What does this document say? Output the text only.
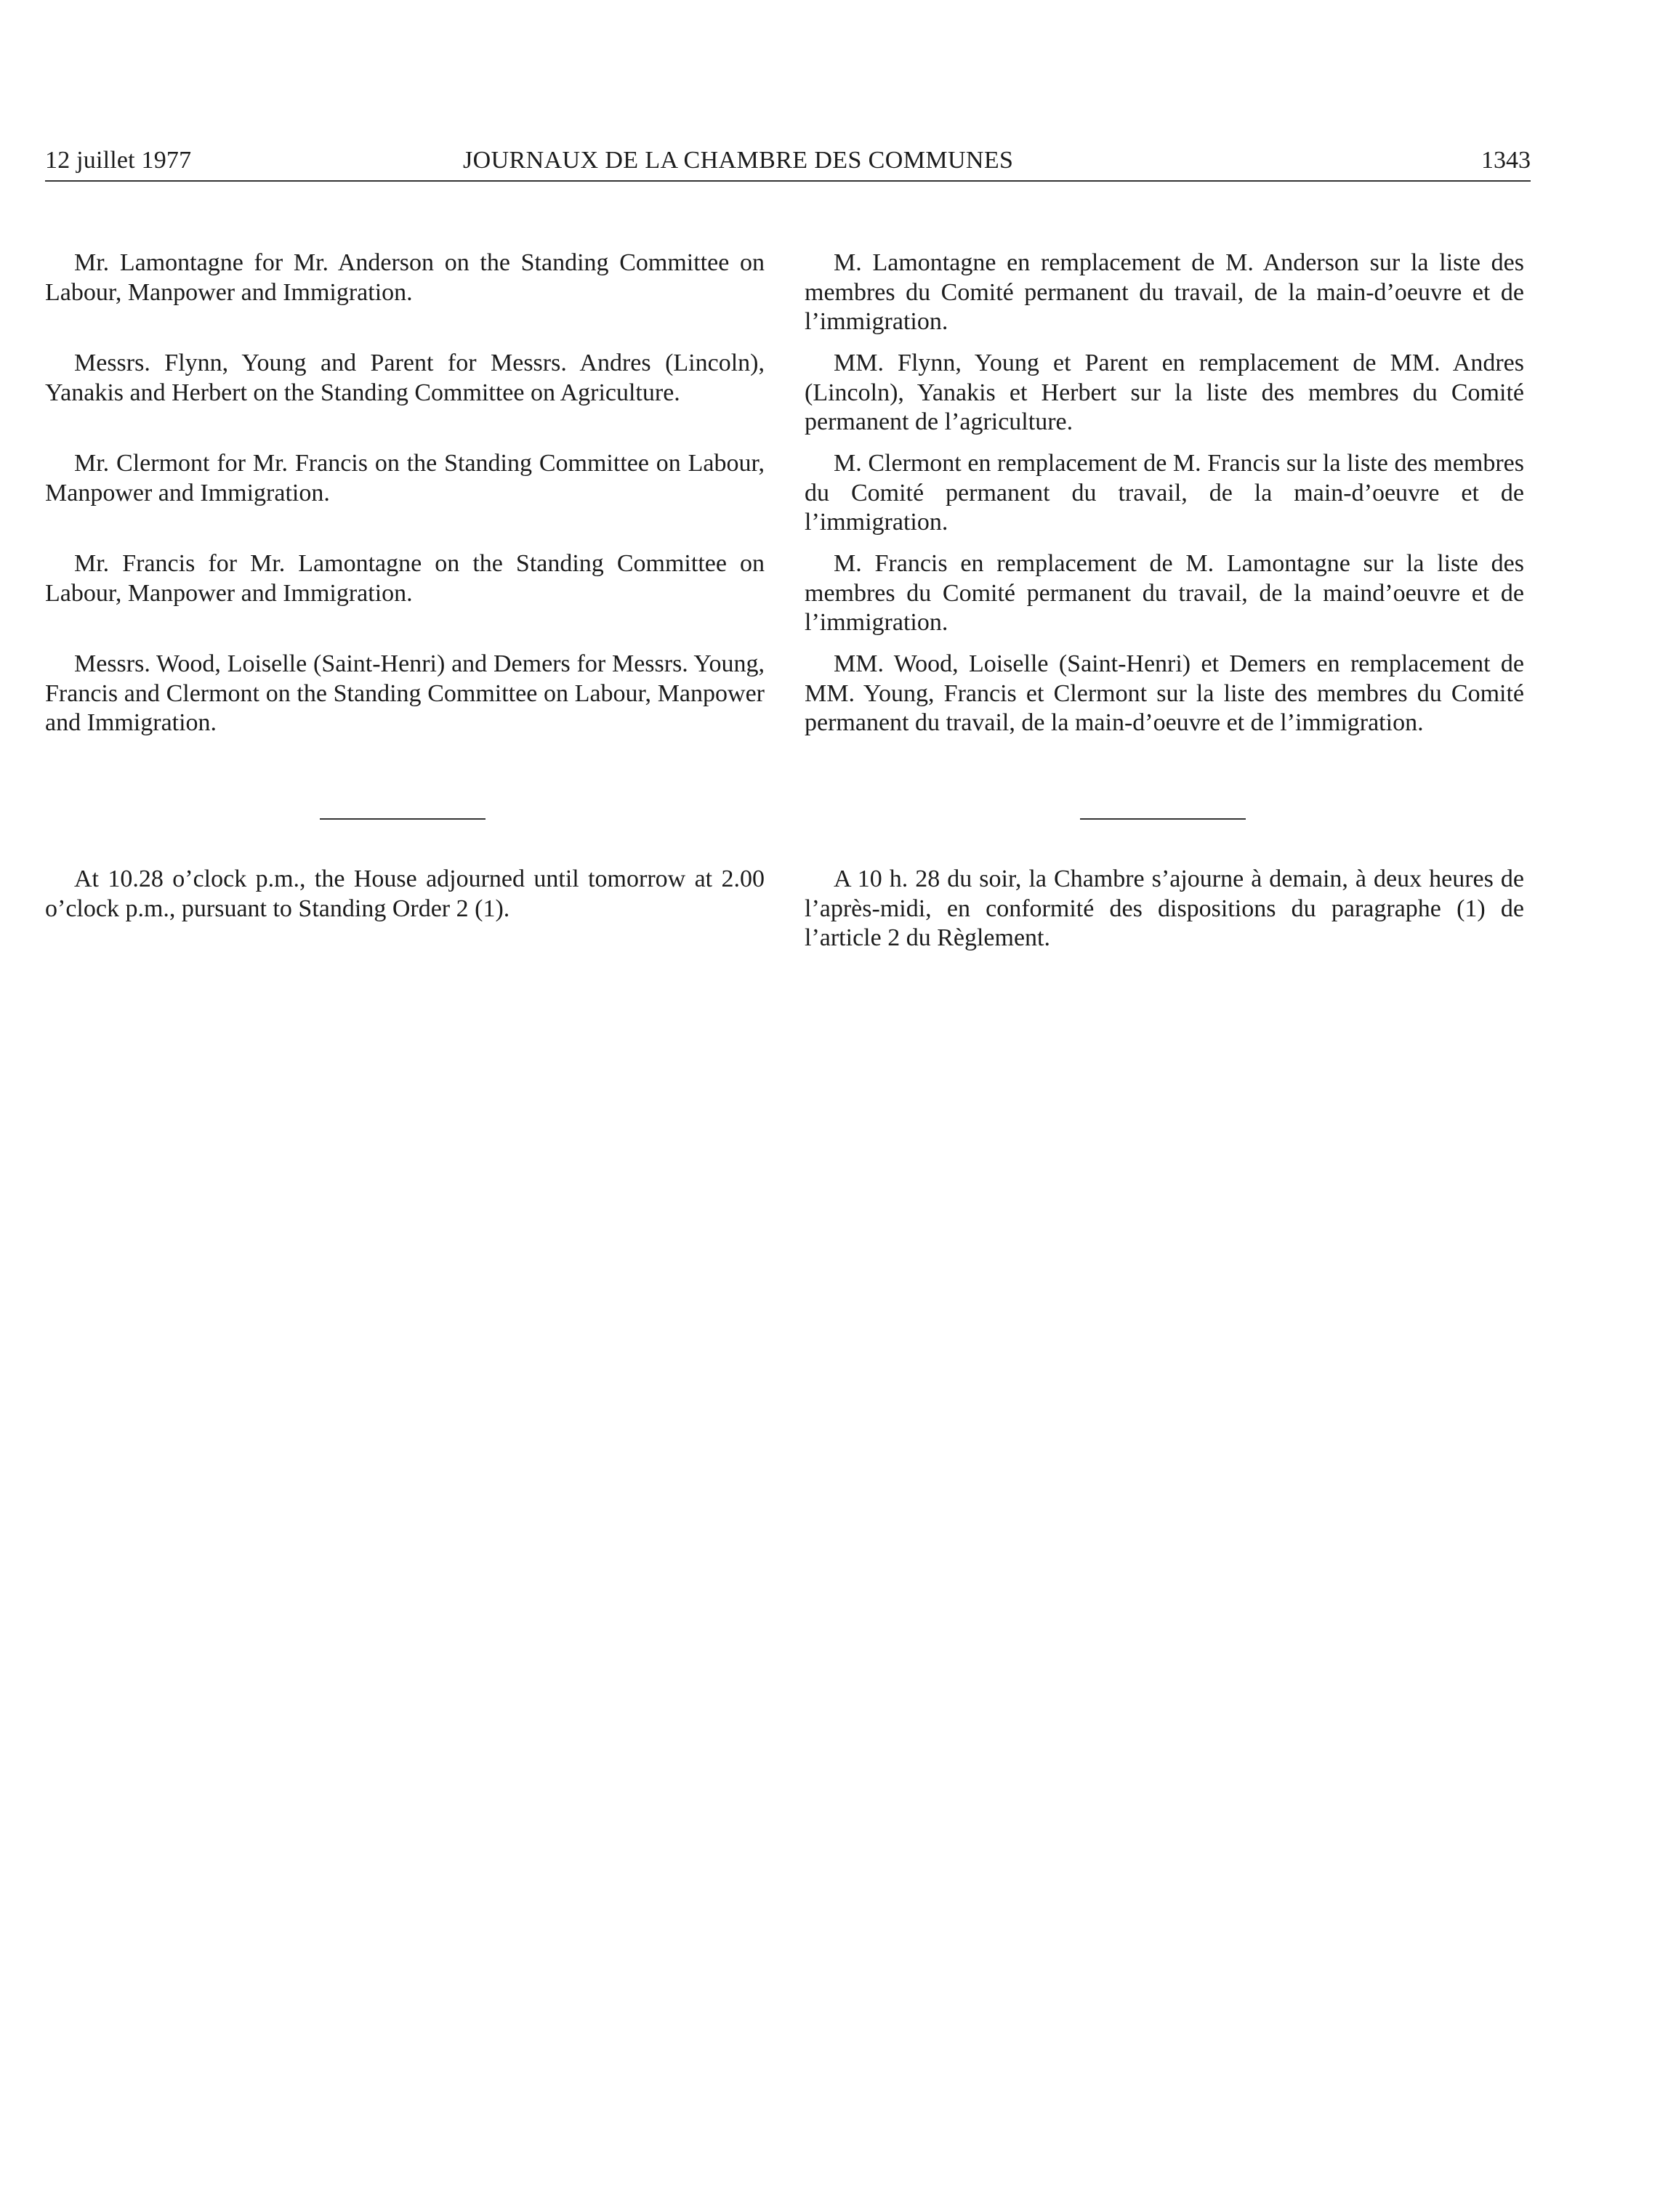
12 juillet 1977	JOURNAUX DE LA CHAMBRE DES COMMUNES	1343

Mr. Lamontagne for Mr. Anderson on the Standing Committee on Labour, Manpower and Immigration.

Messrs. Flynn, Young and Parent for Messrs. Andres (Lincoln), Yanakis and Herbert on the Standing Committee on Agriculture.

Mr. Clermont for Mr. Francis on the Standing Committee on Labour, Manpower and Immigration.

Mr. Francis for Mr. Lamontagne on the Standing Committee on Labour, Manpower and Immigration.

Messrs. Wood, Loiselle (Saint-Henri) and Demers for Messrs. Young, Francis and Clermont on the Standing Committee on Labour, Manpower and Immigration.

M. Lamontagne en remplacement de M. Anderson sur la liste des membres du Comité permanent du travail, de la main-d’oeuvre et de l’immigration.

MM. Flynn, Young et Parent en remplacement de MM. Andres (Lincoln), Yanakis et Herbert sur la liste des membres du Comité permanent de l’agriculture.

M. Clermont en remplacement de M. Francis sur la liste des membres du Comité permanent du travail, de la main-d’oeuvre et de l’immigration.

M. Francis en remplacement de M. Lamontagne sur la liste des membres du Comité permanent du travail, de la maind’oeuvre et de l’immigration.

MM. Wood, Loiselle (Saint-Henri) et Demers en remplacement de MM. Young, Francis et Clermont sur la liste des membres du Comité permanent du travail, de la main-d’oeuvre et de l’immigration.

At 10.28 o’clock p.m., the House adjourned until tomorrow at 2.00 o’clock p.m., pursuant to Standing Order 2 (1).

A 10 h. 28 du soir, la Chambre s’ajourne à demain, à deux heures de l’après-midi, en conformité des dispositions du paragraphe (1) de l’article 2 du Règlement.
